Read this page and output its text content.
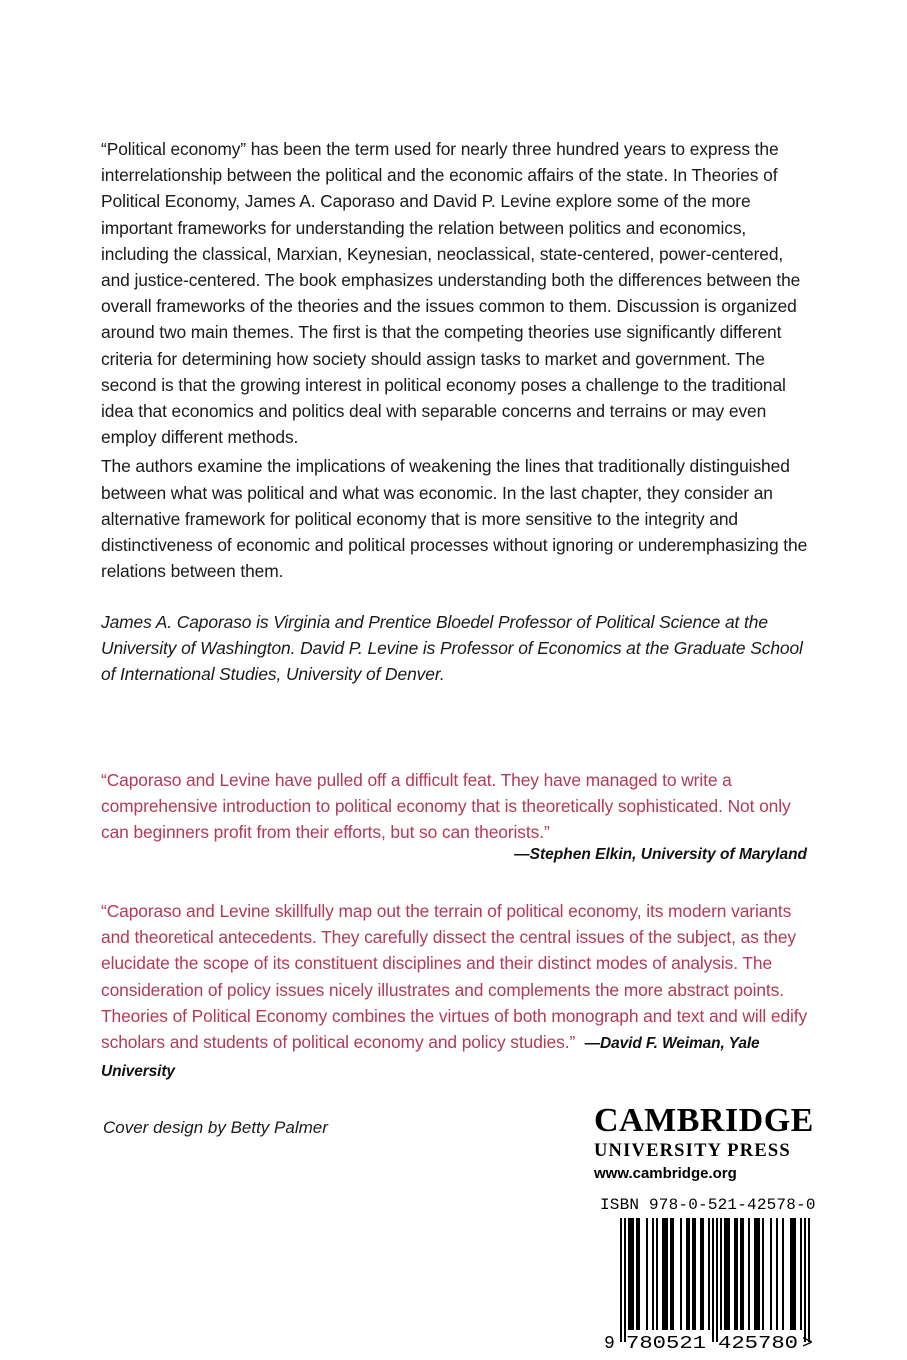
“Political economy” has been the term used for nearly three hundred years to express the interrelationship between the political and the economic affairs of the state. In Theories of Political Economy, James A. Caporaso and David P. Levine explore some of the more important frameworks for understanding the relation between politics and economics, including the classical, Marxian, Keynesian, neoclassical, state-centered, power-centered, and justice-centered. The book emphasizes understanding both the differences between the overall frameworks of the theories and the issues common to them. Discussion is organized around two main themes. The first is that the competing theories use significantly different criteria for determining how society should assign tasks to market and government. The second is that the growing interest in political economy poses a challenge to the traditional idea that economics and politics deal with separable concerns and terrains or may even employ different methods.

The authors examine the implications of weakening the lines that traditionally distinguished between what was political and what was economic. In the last chapter, they consider an alternative framework for political economy that is more sensitive to the integrity and distinctiveness of economic and political processes without ignoring or underemphasizing the relations between them.

James A. Caporaso is Virginia and Prentice Bloedel Professor of Political Science at the University of Washington. David P. Levine is Professor of Economics at the Graduate School of International Studies, University of Denver.
“Caporaso and Levine have pulled off a difficult feat. They have managed to write a comprehensive introduction to political economy that is theoretically sophisticated. Not only can beginners profit from their efforts, but so can theorists.”
—Stephen Elkin, University of Maryland
“Caporaso and Levine skillfully map out the terrain of political economy, its modern variants and theoretical antecedents. They carefully dissect the central issues of the subject, as they elucidate the scope of its constituent disciplines and their distinct modes of analysis. The consideration of policy issues nicely illustrates and complements the more abstract points. Theories of Political Economy combines the virtues of both monograph and text and will edify scholars and students of political economy and policy studies.” —David F. Weiman, Yale University
Cover design by Betty Palmer	CAMBRIDGE
UNIVERSITY PRESS
www.cambridge.org
ISBN 978-0-521-42578-0
9 780521 425780 >
